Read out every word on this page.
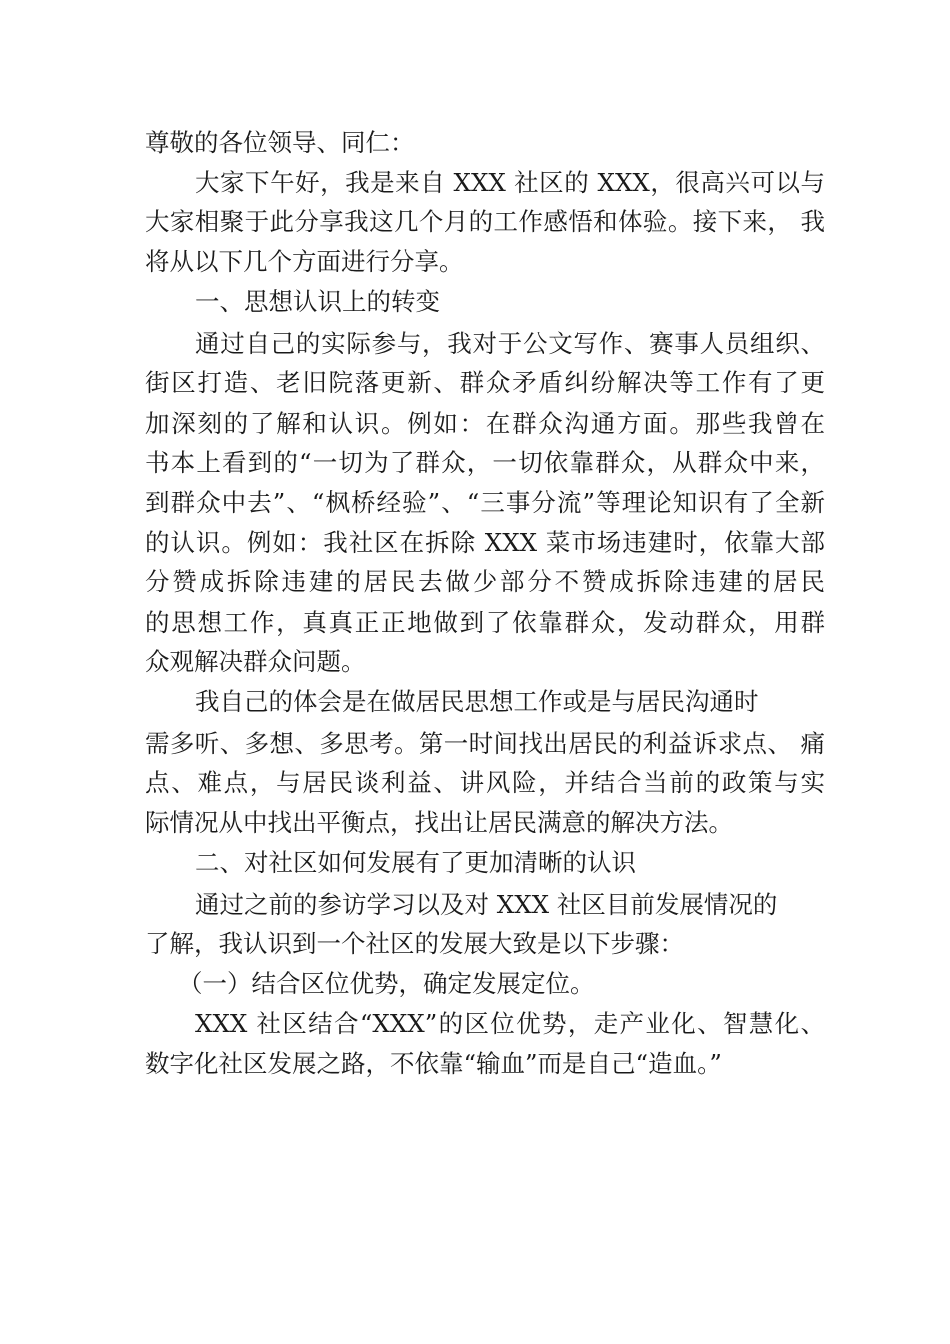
尊敬的各位领导、同仁：
大家下午好，我是来自 XXX 社区的 XXX，很高兴可以与
大家相聚于此分享我这几个月的工作感悟和体验。接下来， 我
将从以下几个方面进行分享。
一、思想认识上的转变
通过自己的实际参与，我对于公文写作、赛事人员组织、
街区打造、老旧院落更新、群众矛盾纠纷解决等工作有了更
加深刻的了解和认识。例如：在群众沟通方面。那些我曾在
书本上看到的“一切为了群众，一切依靠群众，从群众中来，
到群众中去”、“枫桥经验”、“三事分流”等理论知识有了全新
的认识。例如：我社区在拆除 XXX 菜市场违建时，依靠大部
分赞成拆除违建的居民去做少部分不赞成拆除违建的居民
的思想工作，真真正正地做到了依靠群众，发动群众，用群
众观解决群众问题。
我自己的体会是在做居民思想工作或是与居民沟通时
需多听、多想、多思考。第一时间找出居民的利益诉求点、 痛
点、难点，与居民谈利益、讲风险，并结合当前的政策与实
际情况从中找出平衡点，找出让居民满意的解决方法。
二、对社区如何发展有了更加清晰的认识
通过之前的参访学习以及对 XXX 社区目前发展情况的
了解，我认识到一个社区的发展大致是以下步骤：
（一）结合区位优势，确定发展定位。
XXX 社区结合“XXX”的区位优势，走产业化、智慧化、
数字化社区发展之路，不依靠“输血”而是自己“造血。”
